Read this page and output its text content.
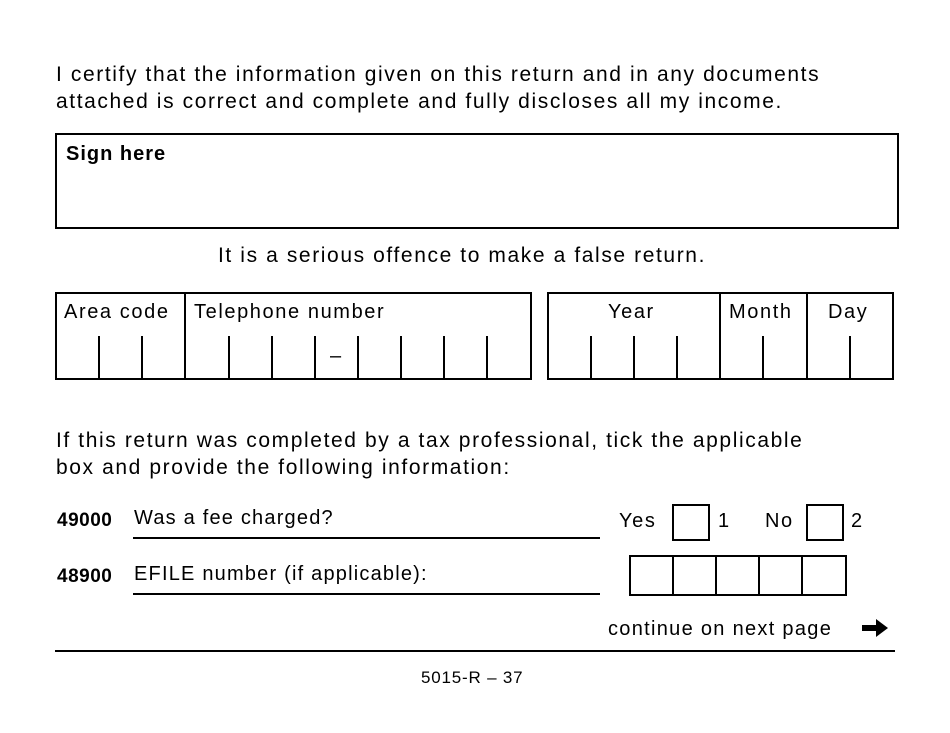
I certify that the information given on this return and in any documents
attached is correct and complete and fully discloses all my income.
Sign here
It is a serious offence to make a false return.
Area code Telephone number
–
Year	Month Day
If this return was completed by a tax professional, tick the applicable
box and provide the following information:
49000 Was a fee charged?	Yes	1 No	2
48900 EFILE number (if applicable):
continue on next page
5015-R – 37
